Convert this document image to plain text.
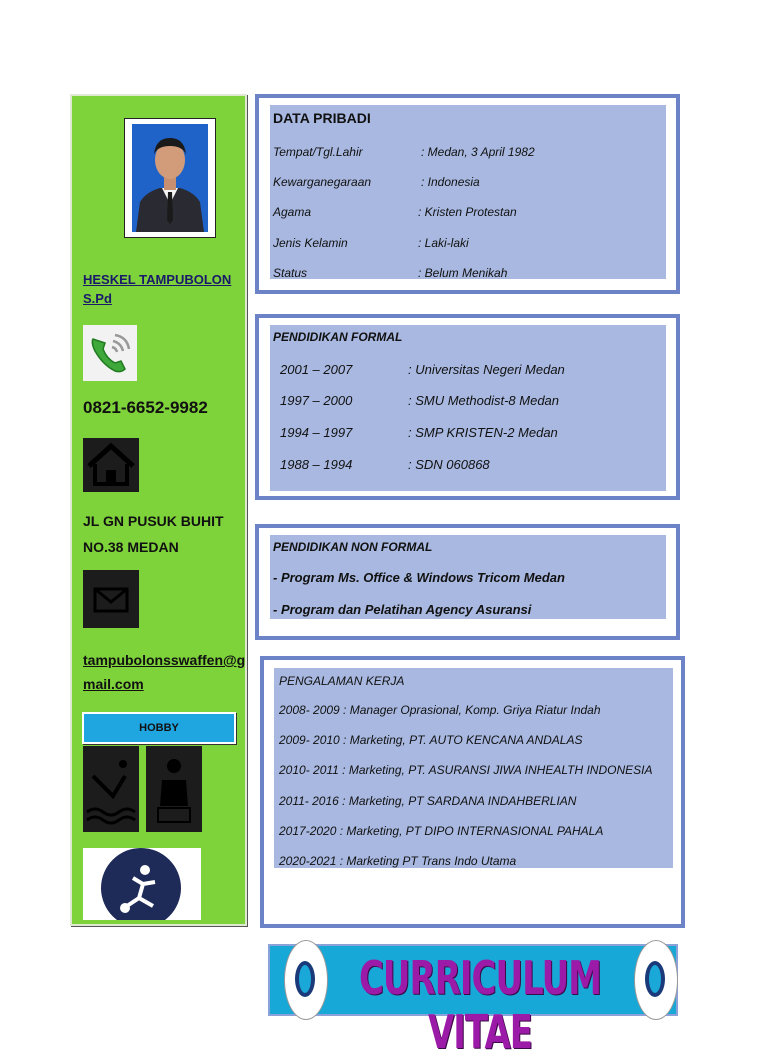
HESKEL TAMPUBOLON S.Pd
0821-6652-9982
JL GN PUSUK BUHIT NO.38 MEDAN
tampubolonsswaffen@gmail.com
HOBBY
DATA PRIBADI
Tempat/Tgl.Lahir	: Medan, 3 April 1982
Kewarganegaraan	: Indonesia
Agama	: Kristen Protestan
Jenis Kelamin	: Laki-laki
Status	: Belum Menikah
PENDIDIKAN FORMAL
2001 – 2007	: Universitas Negeri Medan
1997 – 2000	: SMU Methodist-8 Medan
1994 – 1997	: SMP KRISTEN-2 Medan
1988 – 1994	: SDN 060868
PENDIDIKAN NON FORMAL
- Program Ms. Office & Windows Tricom Medan
- Program dan Pelatihan Agency Asuransi
PENGALAMAN KERJA
2008- 2009 : Manager Oprasional, Komp. Griya Riatur Indah
2009- 2010 : Marketing, PT. AUTO KENCANA ANDALAS
2010- 2011 : Marketing, PT. ASURANSI JIWA INHEALTH INDONESIA
2011- 2016 : Marketing, PT SARDANA INDAHBERLIAN
2017-2020 : Marketing, PT DIPO INTERNASIONAL PAHALA
2020-2021 : Marketing PT Trans Indo Utama
CURRICULUM VITAE
